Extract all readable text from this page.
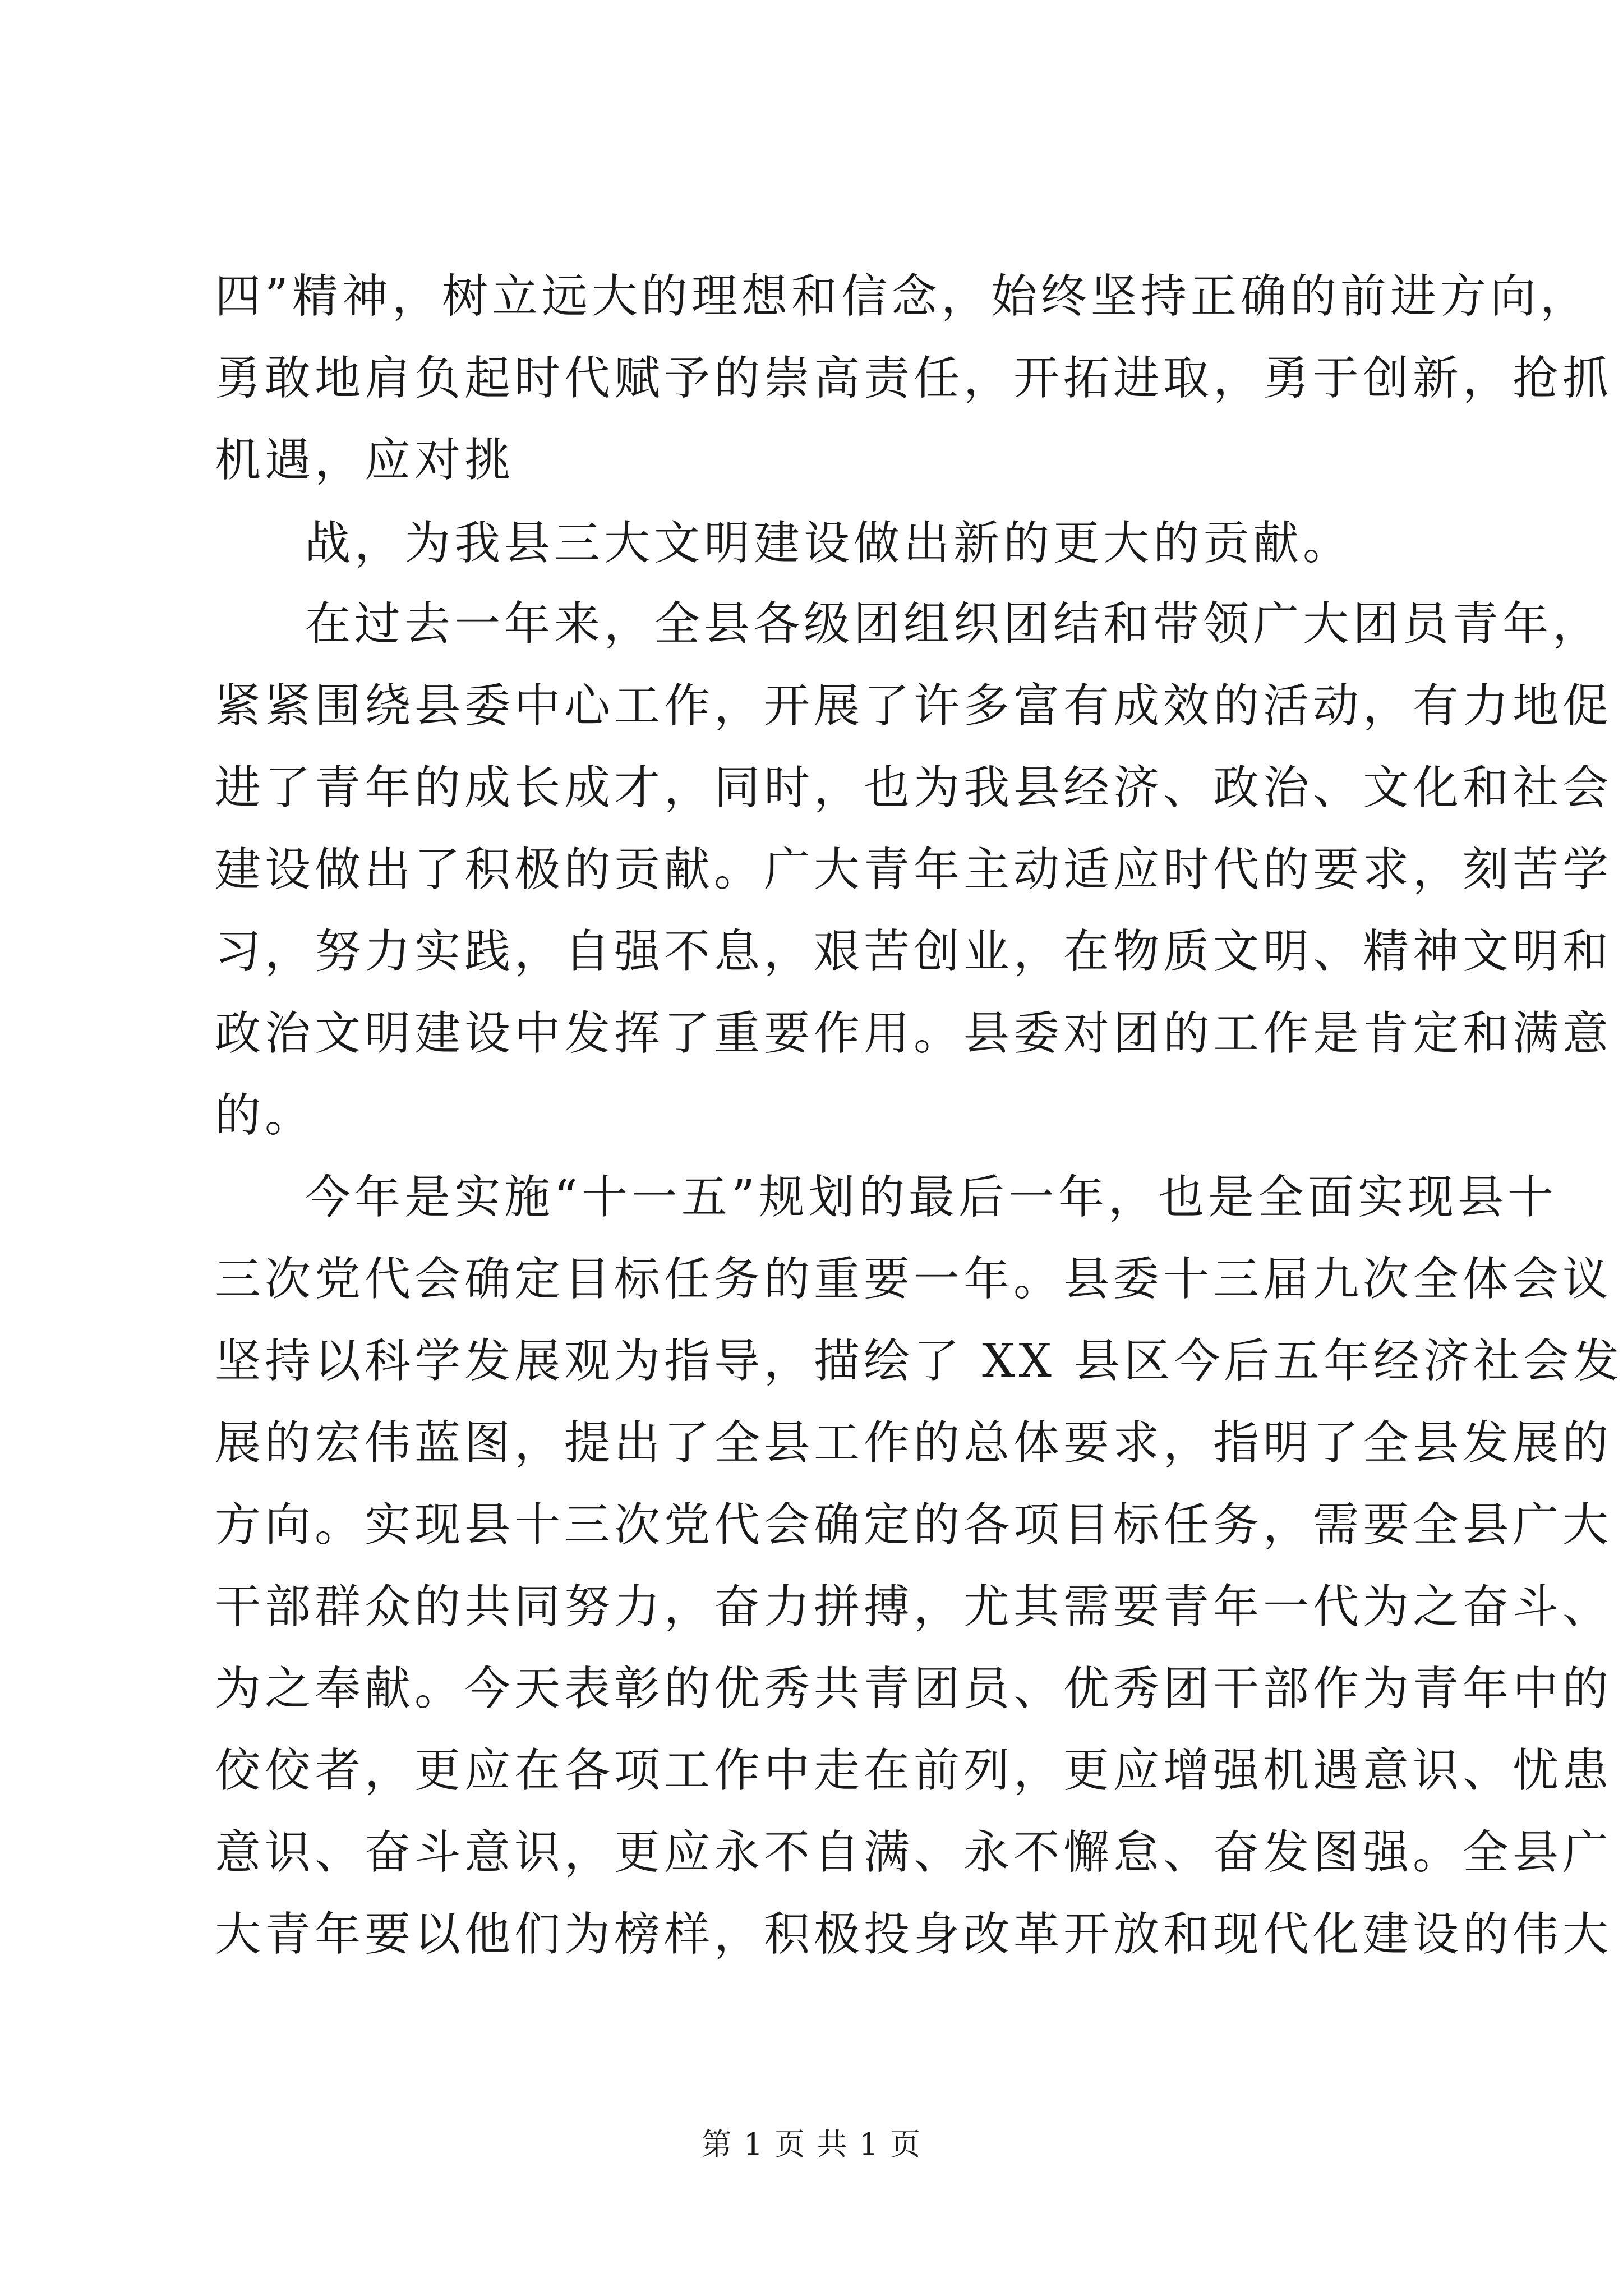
四”精神，树立远大的理想和信念，始终坚持正确的前进方向，
勇敢地肩负起时代赋予的崇高责任，开拓进取，勇于创新，抢抓
机遇，应对挑
战，为我县三大文明建设做出新的更大的贡献。
在过去一年来，全县各级团组织团结和带领广大团员青年，
紧紧围绕县委中心工作，开展了许多富有成效的活动，有力地促
进了青年的成长成才，同时，也为我县经济、政治、文化和社会
建设做出了积极的贡献。广大青年主动适应时代的要求，刻苦学
习，努力实践，自强不息，艰苦创业，在物质文明、精神文明和
政治文明建设中发挥了重要作用。县委对团的工作是肯定和满意
的。
今年是实施“十一五”规划的最后一年，也是全面实现县十
三次党代会确定目标任务的重要一年。县委十三届九次全体会议
坚持以科学发展观为指导，描绘了 XX 县区今后五年经济社会发
展的宏伟蓝图，提出了全县工作的总体要求，指明了全县发展的
方向。实现县十三次党代会确定的各项目标任务，需要全县广大
干部群众的共同努力，奋力拼搏，尤其需要青年一代为之奋斗、
为之奉献。今天表彰的优秀共青团员、优秀团干部作为青年中的
佼佼者，更应在各项工作中走在前列，更应增强机遇意识、忧患
意识、奋斗意识，更应永不自满、永不懈怠、奋发图强。全县广
大青年要以他们为榜样，积极投身改革开放和现代化建设的伟大
第 1 页 共 1 页
